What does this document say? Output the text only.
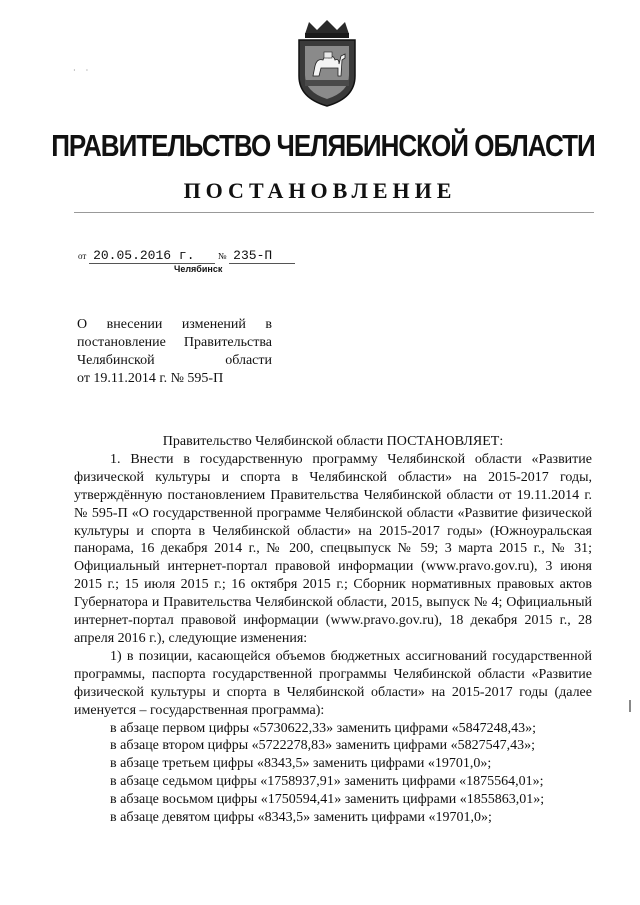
· ·
ПРАВИТЕЛЬСТВО ЧЕЛЯБИНСКОЙ ОБЛАСТИ
ПОСТАНОВЛЕНИЕ
от 20.05.2016 г.	№ 235-П
Челябинск
О внесении изменений в
постановление Правительства
Челябинской области
от 19.11.2014 г. № 595-П

Правительство Челябинской области ПОСТАНОВЛЯЕТ:

1. Внести в государственную программу Челябинской области «Развитие физической культуры и спорта в Челябинской области» на 2015-2017 годы, утверждённую постановлением Правительства Челябинской области от 19.11.2014 г. № 595-П «О государственной программе Челябинской области «Развитие физической культуры и спорта в Челябинской области» на 2015-2017 годы» (Южноуральская панорама, 16 декабря 2014 г., № 200, спецвыпуск № 59; 3 марта 2015 г., № 31; Официальный интернет-портал правовой информации (www.pravo.gov.ru), 3 июня 2015 г.; 15 июля 2015 г.; 16 октября 2015 г.; Сборник нормативных правовых актов Губернатора и Правительства Челябинской области, 2015, выпуск № 4; Официальный интернет-портал правовой информации (www.pravo.gov.ru), 18 декабря 2015 г., 28 апреля 2016 г.), следующие изменения:

1) в позиции, касающейся объемов бюджетных ассигнований государственной программы, паспорта государственной программы Челябинской области «Развитие физической культуры и спорта в Челябинской области» на 2015-2017 годы (далее именуется – государственная программа):

в абзаце первом цифры «5730622,33» заменить цифрами «5847248,43»;
в абзаце втором цифры «5722278,83» заменить цифрами «5827547,43»;
в абзаце третьем цифры «8343,5» заменить цифрами «19701,0»;
в абзаце седьмом цифры «1758937,91» заменить цифрами «1875564,01»;
в абзаце восьмом цифры «1750594,41» заменить цифрами «1855863,01»;
в абзаце девятом цифры «8343,5» заменить цифрами «19701,0»;
